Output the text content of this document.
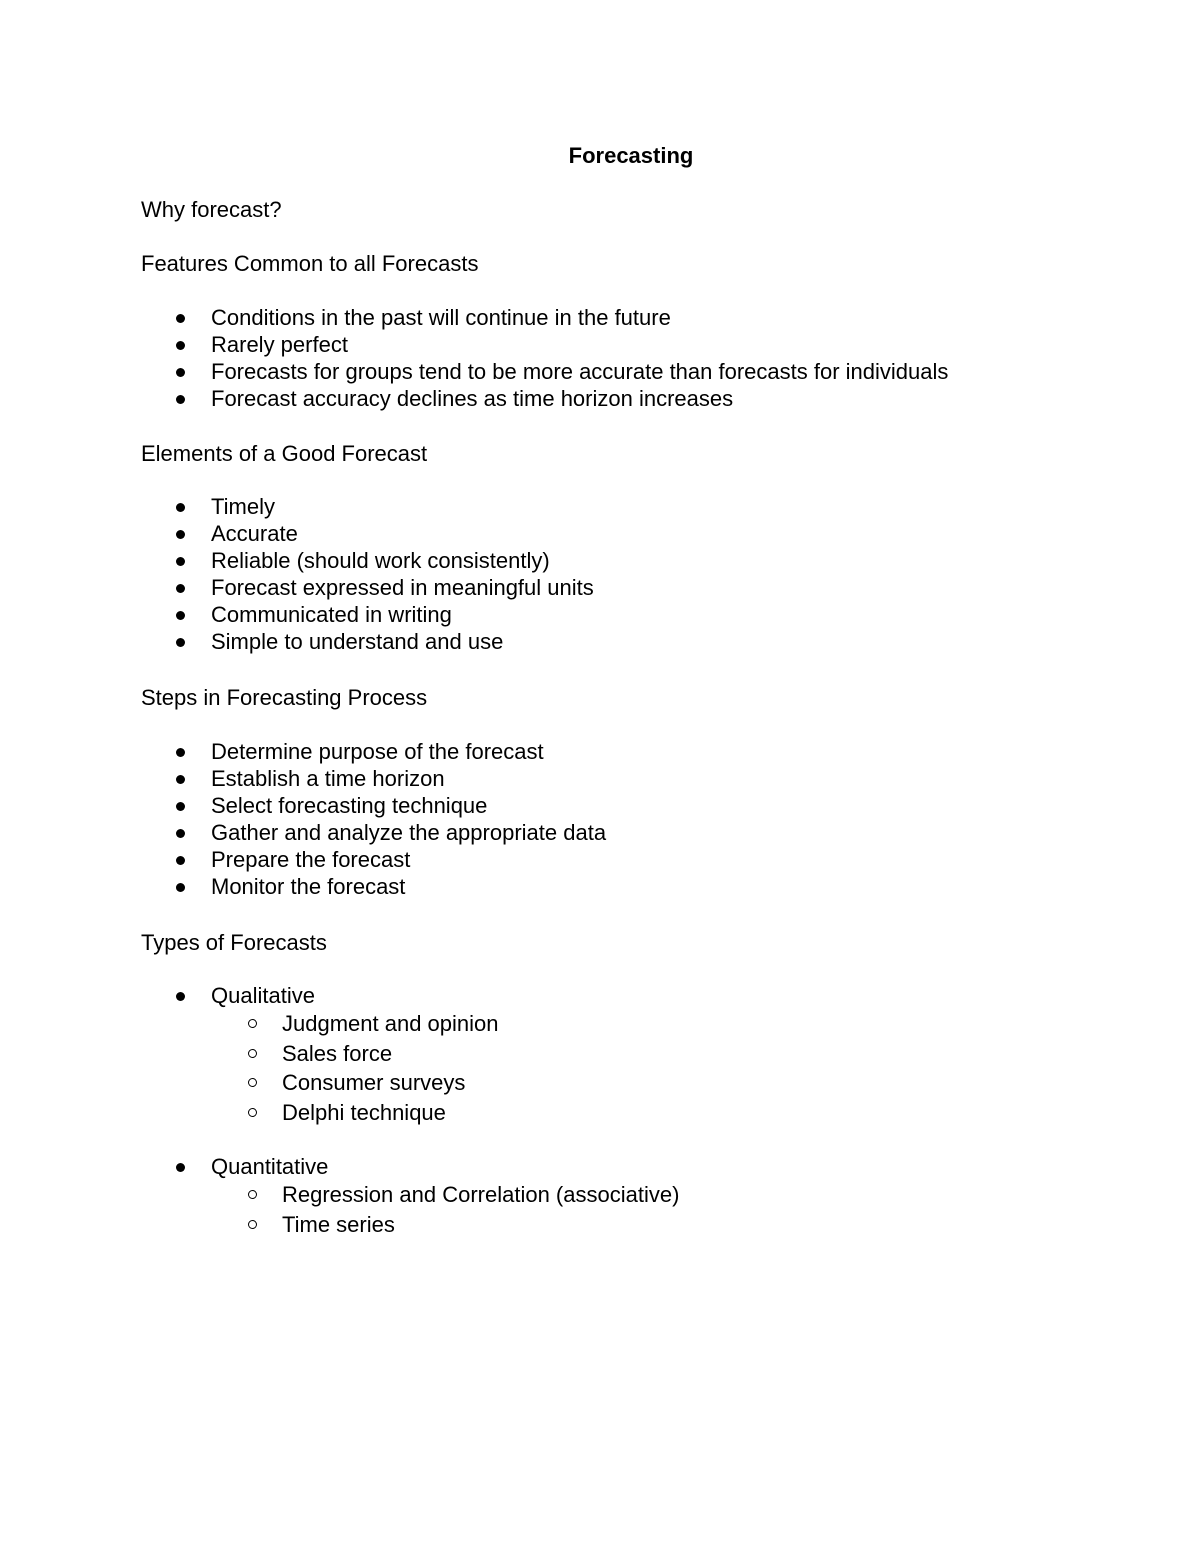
Forecasting

Why forecast?

Features Common to all Forecasts

Conditions in the past will continue in the future
Rarely perfect
Forecasts for groups tend to be more accurate than forecasts for individuals
Forecast accuracy declines as time horizon increases

Elements of a Good Forecast

Timely
Accurate
Reliable (should work consistently)
Forecast expressed in meaningful units
Communicated in writing
Simple to understand and use

Steps in Forecasting Process

Determine purpose of the forecast
Establish a time horizon
Select forecasting technique
Gather and analyze the appropriate data
Prepare the forecast
Monitor the forecast

Types of Forecasts

Qualitative
Judgment and opinion
Sales force
Consumer surveys
Delphi technique
Quantitative
Regression and Correlation (associative)
Time series
